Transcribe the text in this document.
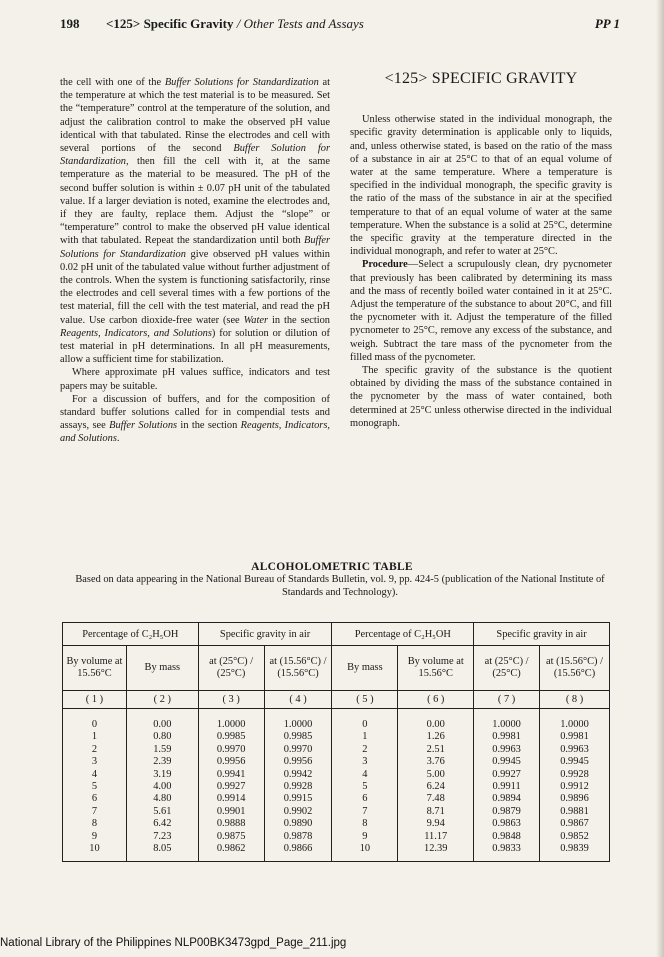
198 <125> Specific Gravity / Other Tests and Assays	PP 1

the cell with one of the Buffer Solutions for Standardization at the temperature at which the test material is to be measured. Set the “temperature” control at the temperature of the solution, and adjust the calibration control to make the observed pH value identical with that tabulated. Rinse the electrodes and cell with several portions of the second Buffer Solution for Standardization, then fill the cell with it, at the same temperature as the material to be measured. The pH of the second buffer solution is within ± 0.07 pH unit of the tabulated value. If a larger deviation is noted, examine the electrodes and, if they are faulty, replace them. Adjust the “slope” or “temperature” control to make the observed pH value identical with that tabulated. Repeat the standardization until both Buffer Solutions for Standardization give observed pH values within 0.02 pH unit of the tabulated value without further adjustment of the controls. When the system is functioning satisfactorily, rinse the electrodes and cell several times with a few portions of the test material, fill the cell with the test material, and read the pH value. Use carbon dioxide-free water (see Water in the section Reagents, Indicators, and Solutions) for solution or dilution of test material in pH determinations. In all pH measurements, allow a sufficient time for stabilization.

Where approximate pH values suffice, indicators and test papers may be suitable.

For a discussion of buffers, and for the composition of standard buffer solutions called for in compendial tests and assays, see Buffer Solutions in the section Reagents, Indicators, and Solutions.

<125> SPECIFIC GRAVITY

Unless otherwise stated in the individual monograph, the specific gravity determination is applicable only to liquids, and, unless otherwise stated, is based on the ratio of the mass of a substance in air at 25°C to that of an equal volume of water at the same temperature. Where a temperature is specified in the individual monograph, the specific gravity is the ratio of the mass of the substance in air at the specified temperature to that of an equal volume of water at the same temperature. When the substance is a solid at 25°C, determine the specific gravity at the temperature directed in the individual monograph, and refer to water at 25°C.

Procedure—Select a scrupulously clean, dry pycnometer that previously has been calibrated by determining its mass and the mass of recently boiled water contained in it at 25°C. Adjust the temperature of the substance to about 20°C, and fill the pycnometer with it. Adjust the temperature of the filled pycnometer to 25°C, remove any excess of the substance, and weigh. Subtract the tare mass of the pycnometer from the filled mass of the pycnometer.

The specific gravity of the substance is the quotient obtained by dividing the mass of the substance contained in the pycnometer by the mass of water contained, both determined at 25°C unless otherwise directed in the individual monograph.

ALCOHOLOMETRIC TABLE
Based on data appearing in the National Bureau of Standards Bulletin, vol. 9, pp. 424-5 (publication of the National Institute of Standards and Technology).
Percentage of C₂H₅OH		Specific gravity in air		Percentage of C₂H₅OH		Specific gravity in air	
By volume at 15.56°C	By mass	at (25°C) / (25°C)	at (15.56°C) / (15.56°C)	By mass	By volume at 15.56°C	at (25°C) / (25°C)	at (15.56°C) / (15.56°C)
( 1 )	( 2 )	( 3 )	( 4 )	( 5 )	( 6 )	( 7 )	( 8 )
0	0.00	1.0000	1.0000	0	0.00	1.0000	1.0000
1	0.80	0.9985	0.9985	1	1.26	0.9981	0.9981
2	1.59	0.9970	0.9970	2	2.51	0.9963	0.9963
3	2.39	0.9956	0.9956	3	3.76	0.9945	0.9945
4	3.19	0.9941	0.9942	4	5.00	0.9927	0.9928
5	4.00	0.9927	0.9928	5	6.24	0.9911	0.9912
6	4.80	0.9914	0.9915	6	7.48	0.9894	0.9896
7	5.61	0.9901	0.9902	7	8.71	0.9879	0.9881
8	6.42	0.9888	0.9890	8	9.94	0.9863	0.9867
9	7.23	0.9875	0.9878	9	11.17	0.9848	0.9852
10	8.05	0.9862	0.9866	10	12.39	0.9833	0.9839
National Library of the Philippines NLP00BK3473gpd_Page_211.jpg
